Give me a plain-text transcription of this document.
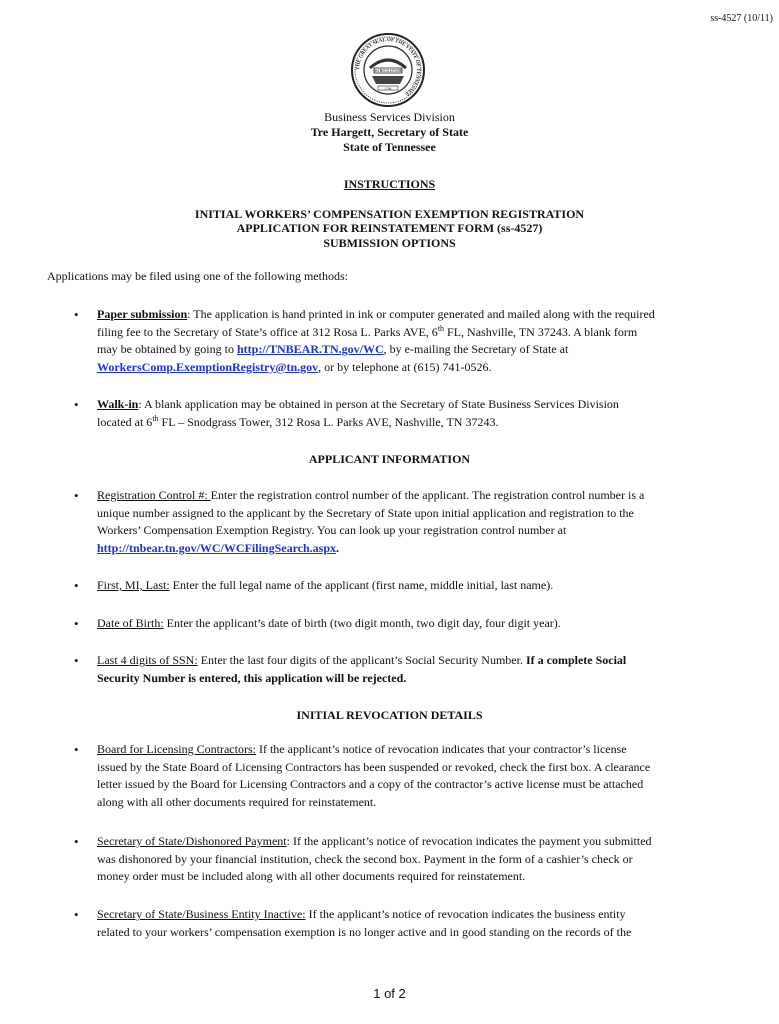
ss-4527 (10/11)
AGRICULTURE
1796
THE GREAT SEAL OF THE STATE OF TENNESSEE
Business Services Division
Tre Hargett, Secretary of State
State of Tennessee
INSTRUCTIONS
INITIAL WORKERS’ COMPENSATION EXEMPTION REGISTRATION
APPLICATION FOR REINSTATEMENT FORM (ss-4527)
SUBMISSION OPTIONS
Applications may be filed using one of the following methods:
• Paper submission: The application is hand printed in ink or computer generated and mailed along with the required
filing fee to the Secretary of State’s office at 312 Rosa L. Parks AVE, 6th FL, Nashville, TN 37243. A blank form
may be obtained by going to http://TNBEAR.TN.gov/WC, by e-mailing the Secretary of State at
WorkersComp.ExemptionRegistry@tn.gov, or by telephone at (615) 741-0526.
• Walk-in: A blank application may be obtained in person at the Secretary of State Business Services Division
located at 6th FL – Snodgrass Tower, 312 Rosa L. Parks AVE, Nashville, TN 37243.
APPLICANT INFORMATION
• Registration Control #: Enter the registration control number of the applicant. The registration control number is a
unique number assigned to the applicant by the Secretary of State upon initial application and registration to the
Workers’ Compensation Exemption Registry. You can look up your registration control number at
http://tnbear.tn.gov/WC/WCFilingSearch.aspx.
• First, MI, Last: Enter the full legal name of the applicant (first name, middle initial, last name).
• Date of Birth: Enter the applicant’s date of birth (two digit month, two digit day, four digit year).
• Last 4 digits of SSN: Enter the last four digits of the applicant’s Social Security Number. If a complete Social
Security Number is entered, this application will be rejected.
INITIAL REVOCATION DETAILS
• Board for Licensing Contractors: If the applicant’s notice of revocation indicates that your contractor’s license
issued by the State Board of Licensing Contractors has been suspended or revoked, check the first box. A clearance
letter issued by the Board for Licensing Contractors and a copy of the contractor’s active license must be attached
along with all other documents required for reinstatement.
• Secretary of State/Dishonored Payment: If the applicant’s notice of revocation indicates the payment you submitted
was dishonored by your financial institution, check the second box. Payment in the form of a cashier’s check or
money order must be included along with all other documents required for reinstatement.
• Secretary of State/Business Entity Inactive: If the applicant’s notice of revocation indicates the business entity
related to your workers’ compensation exemption is no longer active and in good standing on the records of the
1 of 2
